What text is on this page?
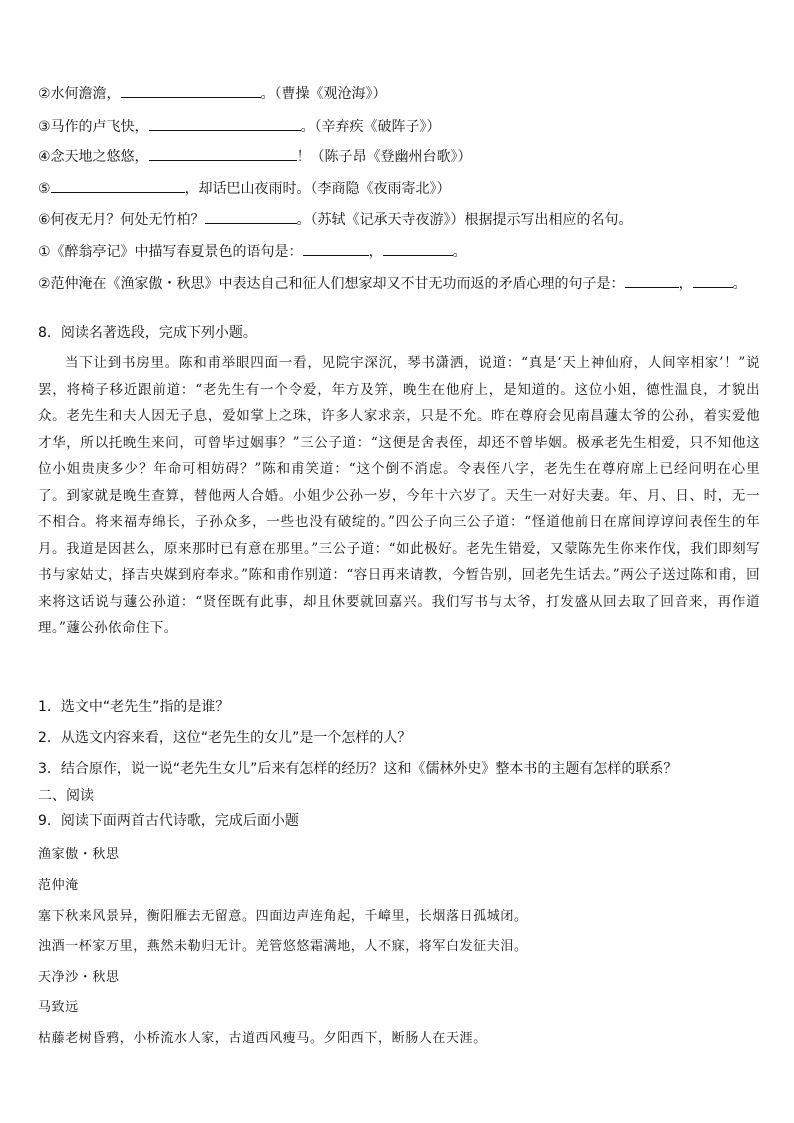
②水何澹澹，	。（曹操《观沧海》）
③马作的卢飞快，	。（辛弃疾《破阵子》）
④念天地之悠悠，	！（陈子昂《登幽州台歌》）
⑤	，却话巴山夜雨时。（李商隐《夜雨寄北》）
⑥何夜无月？何处无竹柏？	。（苏轼《记承天寺夜游》）根据提示写出相应的名句。
①《醉翁亭记》中描写春夏景色的语句是：	，	。
②范仲淹在《渔家傲・秋思》中表达自己和征人们想家却又不甘无功而返的矛盾心理的句子是：	，	。
8．阅读名著选段，完成下列小题。
当下让到书房里。陈和甫举眼四面一看，见院宇深沉，琴书潇洒，说道：“真是‘天上神仙府，人间宰相家’！”说罢，将椅子移近跟前道：“老先生有一个令爱，年方及笄，晚生在他府上，是知道的。这位小姐，德性温良，才貌出众。老先生和夫人因无子息，爱如掌上之珠，许多人家求亲，只是不允。昨在尊府会见南昌蘧太爷的公孙，着实爱他才华，所以托晚生来问，可曾毕过姻事？”三公子道：“这便是舍表侄，却还不曾毕姻。极承老先生相爱，只不知他这位小姐贵庚多少？年命可相妨碍？”陈和甫笑道：“这个倒不消虑。令表侄八字，老先生在尊府席上已经问明在心里了。到家就是晚生查算，替他两人合婚。小姐少公孙一岁，今年十六岁了。天生一对好夫妻。年、月、日、时，无一不相合。将来福寿绵长，子孙众多，一些也没有破绽的。”四公子向三公子道：“怪道他前日在席间谆谆问表侄生的年月。我道是因甚么，原来那时已有意在那里。”三公子道：“如此极好。老先生错爱，又蒙陈先生你来作伐，我们即刻写书与家姑丈，择吉央媒到府奉求。”陈和甫作别道：“容日再来请教，今暂告别，回老先生话去。”两公子送过陈和甫，回来将这话说与蘧公孙道：“贤侄既有此事，却且休要就回嘉兴。我们写书与太爷，打发盛从回去取了回音来，再作道理。”蘧公孙依命住下。
1．选文中“老先生”指的是谁？
2．从选文内容来看，这位“老先生的女儿”是一个怎样的人？
3．结合原作，说一说“老先生女儿”后来有怎样的经历？这和《儒林外史》整本书的主题有怎样的联系？
二、阅读
9．阅读下面两首古代诗歌，完成后面小题
渔家傲・秋思
范仲淹
塞下秋来风景异，衡阳雁去无留意。四面边声连角起，千嶂里，长烟落日孤城闭。
浊酒一杯家万里，燕然未勒归无计。羌管悠悠霜满地，人不寐，将军白发征夫泪。
天净沙・秋思
马致远
枯藤老树昏鸦，小桥流水人家，古道西风瘦马。夕阳西下，断肠人在天涯。
